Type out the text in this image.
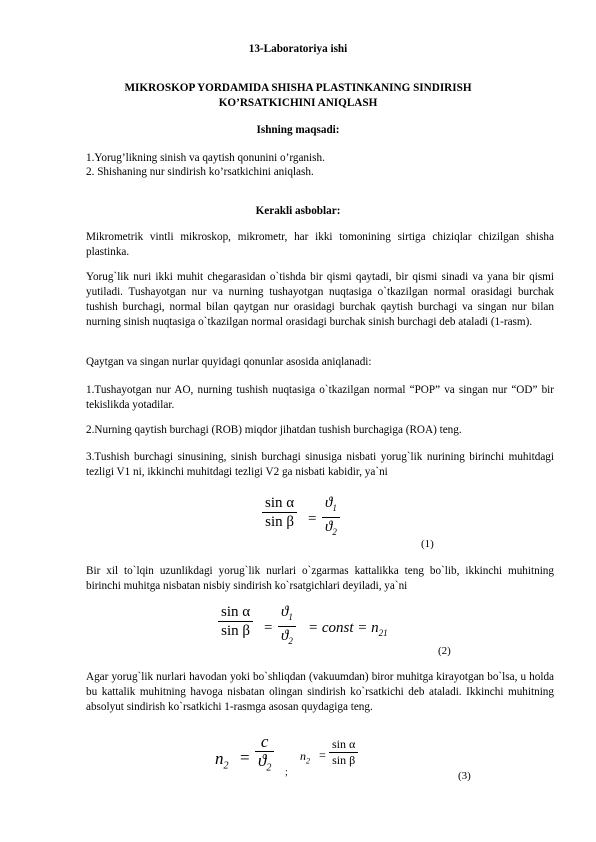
13-Laboratoriya ishi
MIKROSKOP YORDAMIDA SHISHA PLASTINKANING SINDIRISH
KO’RSATKICHINI ANIQLASH
Ishning maqsadi:
1.Yorug’likning sinish va qaytish qonunini o’rganish.
2. Shishaning nur sindirish ko’rsatkichini aniqlash.
Kerakli asboblar:
Mikrometrik vintli mikroskop, mikrometr, har ikki tomonining sirtiga chiziqlar chizilgan shisha plastinka.
Yorug`lik nuri ikki muhit chegarasidan o`tishda bir qismi qaytadi, bir qismi sinadi va yana bir qismi yutiladi. Tushayotgan nur va nurning tushayotgan nuqtasiga o`tkazilgan normal orasidagi burchak tushish burchagi, normal bilan qaytgan nur orasidagi burchak qaytish burchagi va singan nur bilan nurning sinish nuqtasiga o`tkazilgan normal orasidagi burchak sinish burchagi deb ataladi (1-rasm).
Qaytgan va singan nurlar quyidagi qonunlar asosida aniqlanadi:
1.Tushayotgan nur AO, nurning tushish nuqtasiga o`tkazilgan normal “POP” va singan nur “OD” bir tekislikda yotadilar.
2.Nurning qaytish burchagi (ROB) miqdor jihatdan tushish burchagiga (ROA) teng.
3.Tushish burchagi sinusining, sinish burchagi sinusiga nisbati yorug`lik nurining birinchi muhitdagi tezligi V1 ni, ikkinchi muhitdagi tezligi V2 ga nisbati kabidir, ya`ni
sin α
sin β =
$ϑ_1$
$ϑ_2$
(1)
Bir xil to`lqin uzunlikdagi yorug`lik nurlari o`zgarmas kattalikka teng bo`lib, ikkinchi muhitning birinchi muhitga nisbatan nisbiy sindirish ko`rsatgichlari deyiladi, ya`ni
sin α
sin β =
$ϑ_1$
$ϑ_2$
= const = $n_{21}$
(2)
Agar yorug`lik nurlari havodan yoki bo`shliqdan (vakuumdan) biror muhitga kirayotgan bo`lsa, u holda bu kattalik muhitning havoga nisbatan olingan sindirish ko`rsatkichi deb ataladi. Ikkinchi muhitning absolyut sindirish ko`rsatkichi 1-rasmga asosan quydagiga teng.
$n_2$ =
c
$ϑ_2$	;
$n_2$ =
sin α
sin β
(3)
